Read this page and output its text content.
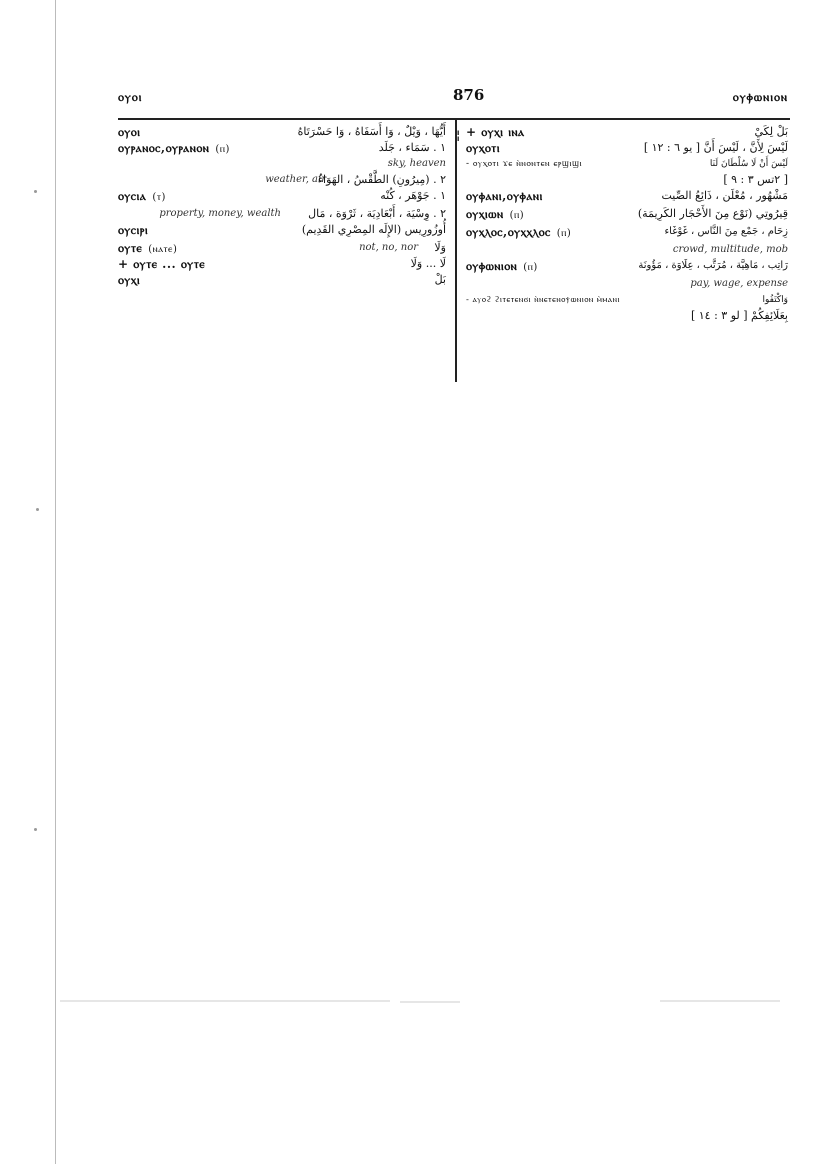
ⲟⲩⲟⲓ	876	ⲟⲩⲫⲱⲛⲓⲟⲛ
¦
ⲟⲩⲟⲓ	أَيُّهَا ، وَيْلٌ ، وَا أَسَفَاهُ ، وَا حَسْرَتَاهُ
ⲟⲩⲣⲁⲛⲟⲥ,ⲟⲩⲣⲁⲛⲟⲛ (ⲡ)	١ . سَمَاء ، جَلَد
sky, heaven
weather, air
٢ . (مِيرُونِ) الطَّقْسُ ، الهَوَاءُ
ⲟⲩⲥⲓⲁ (ⲧ)	١ . جَوْهَر ، كُنْه
property, money, wealth ٢ . وِسْيَة ، أَبْعَادِيَة ، ثَرْوَة ، مَال
ⲟⲩⲥⲓⲣⲓ	أُوزُورِيس (الإِلَه المِصْرِي القَدِيم)
ⲟⲩⲧⲉ (ⲛⲁⲧⲉ)	not, no, nor وَلَا
+ ⲟⲩⲧⲉ ... ⲟⲩⲧⲉ	لَا ... وَلَا
ⲟⲩⲭⲓ	بَلْ
+ ⲟⲩⲭⲓ ⲓⲛⲁ	بَلْ لِكَيْ
ⲟⲩⲭⲟⲧⲓ	لَيْسَ لِأَنَّ ، لَيْسَ أَنَّ [ يو ٦ : ١٢ ]
- ⲟⲩⲭⲟⲧⲓ ϫⲉ ⲛ̀ⲛⲟⲛⲧⲉⲛ ⲉⲣϣⲓϣⲓ	لَيْسَ أَنْ لَا سُلْطَانَ لَنَا
[ ٢تس ٣ : ٩ ]
ⲟⲩⲫⲁⲛⲓ,ⲟⲩⲫⲁⲛⲓ	مَشْهُور ، مُعْلَن ، ذَائِعُ الصِّيت
ⲟⲩⲭⲓⲱⲛ (ⲡ)	قِيرُوتِي (نَوْع مِنَ الأَحْجَار الكَرِيمَة)
ⲟⲩⲭⲗⲟⲥ,ⲟⲩⲭⲭⲗⲟⲥ (ⲡ)	زِحَام ، جَمْع مِنَ النَّاس ، غَوْغَاء
crowd, multitude, mob
ⲟⲩⲫⲱⲛⲓⲟⲛ (ⲡ)	رَاتِب ، مَاهِيَّة ، مُرَتَّب ، عِلَاوَة ، مَؤُونَة
pay, wage, expense
- ⲁⲩⲟϩ ϩⲓⲧⲉⲧⲉⲛϭⲓ ⲛ̀ⲛⲉⲧⲉⲛⲟⲯⲱⲛⲓⲟⲛ ⲙ̀ⲙⲁⲛⲓ	وَاكْتَفُوا
بِعَلَائِفِكُمْ [ لو ٣ : ١٤ ]
